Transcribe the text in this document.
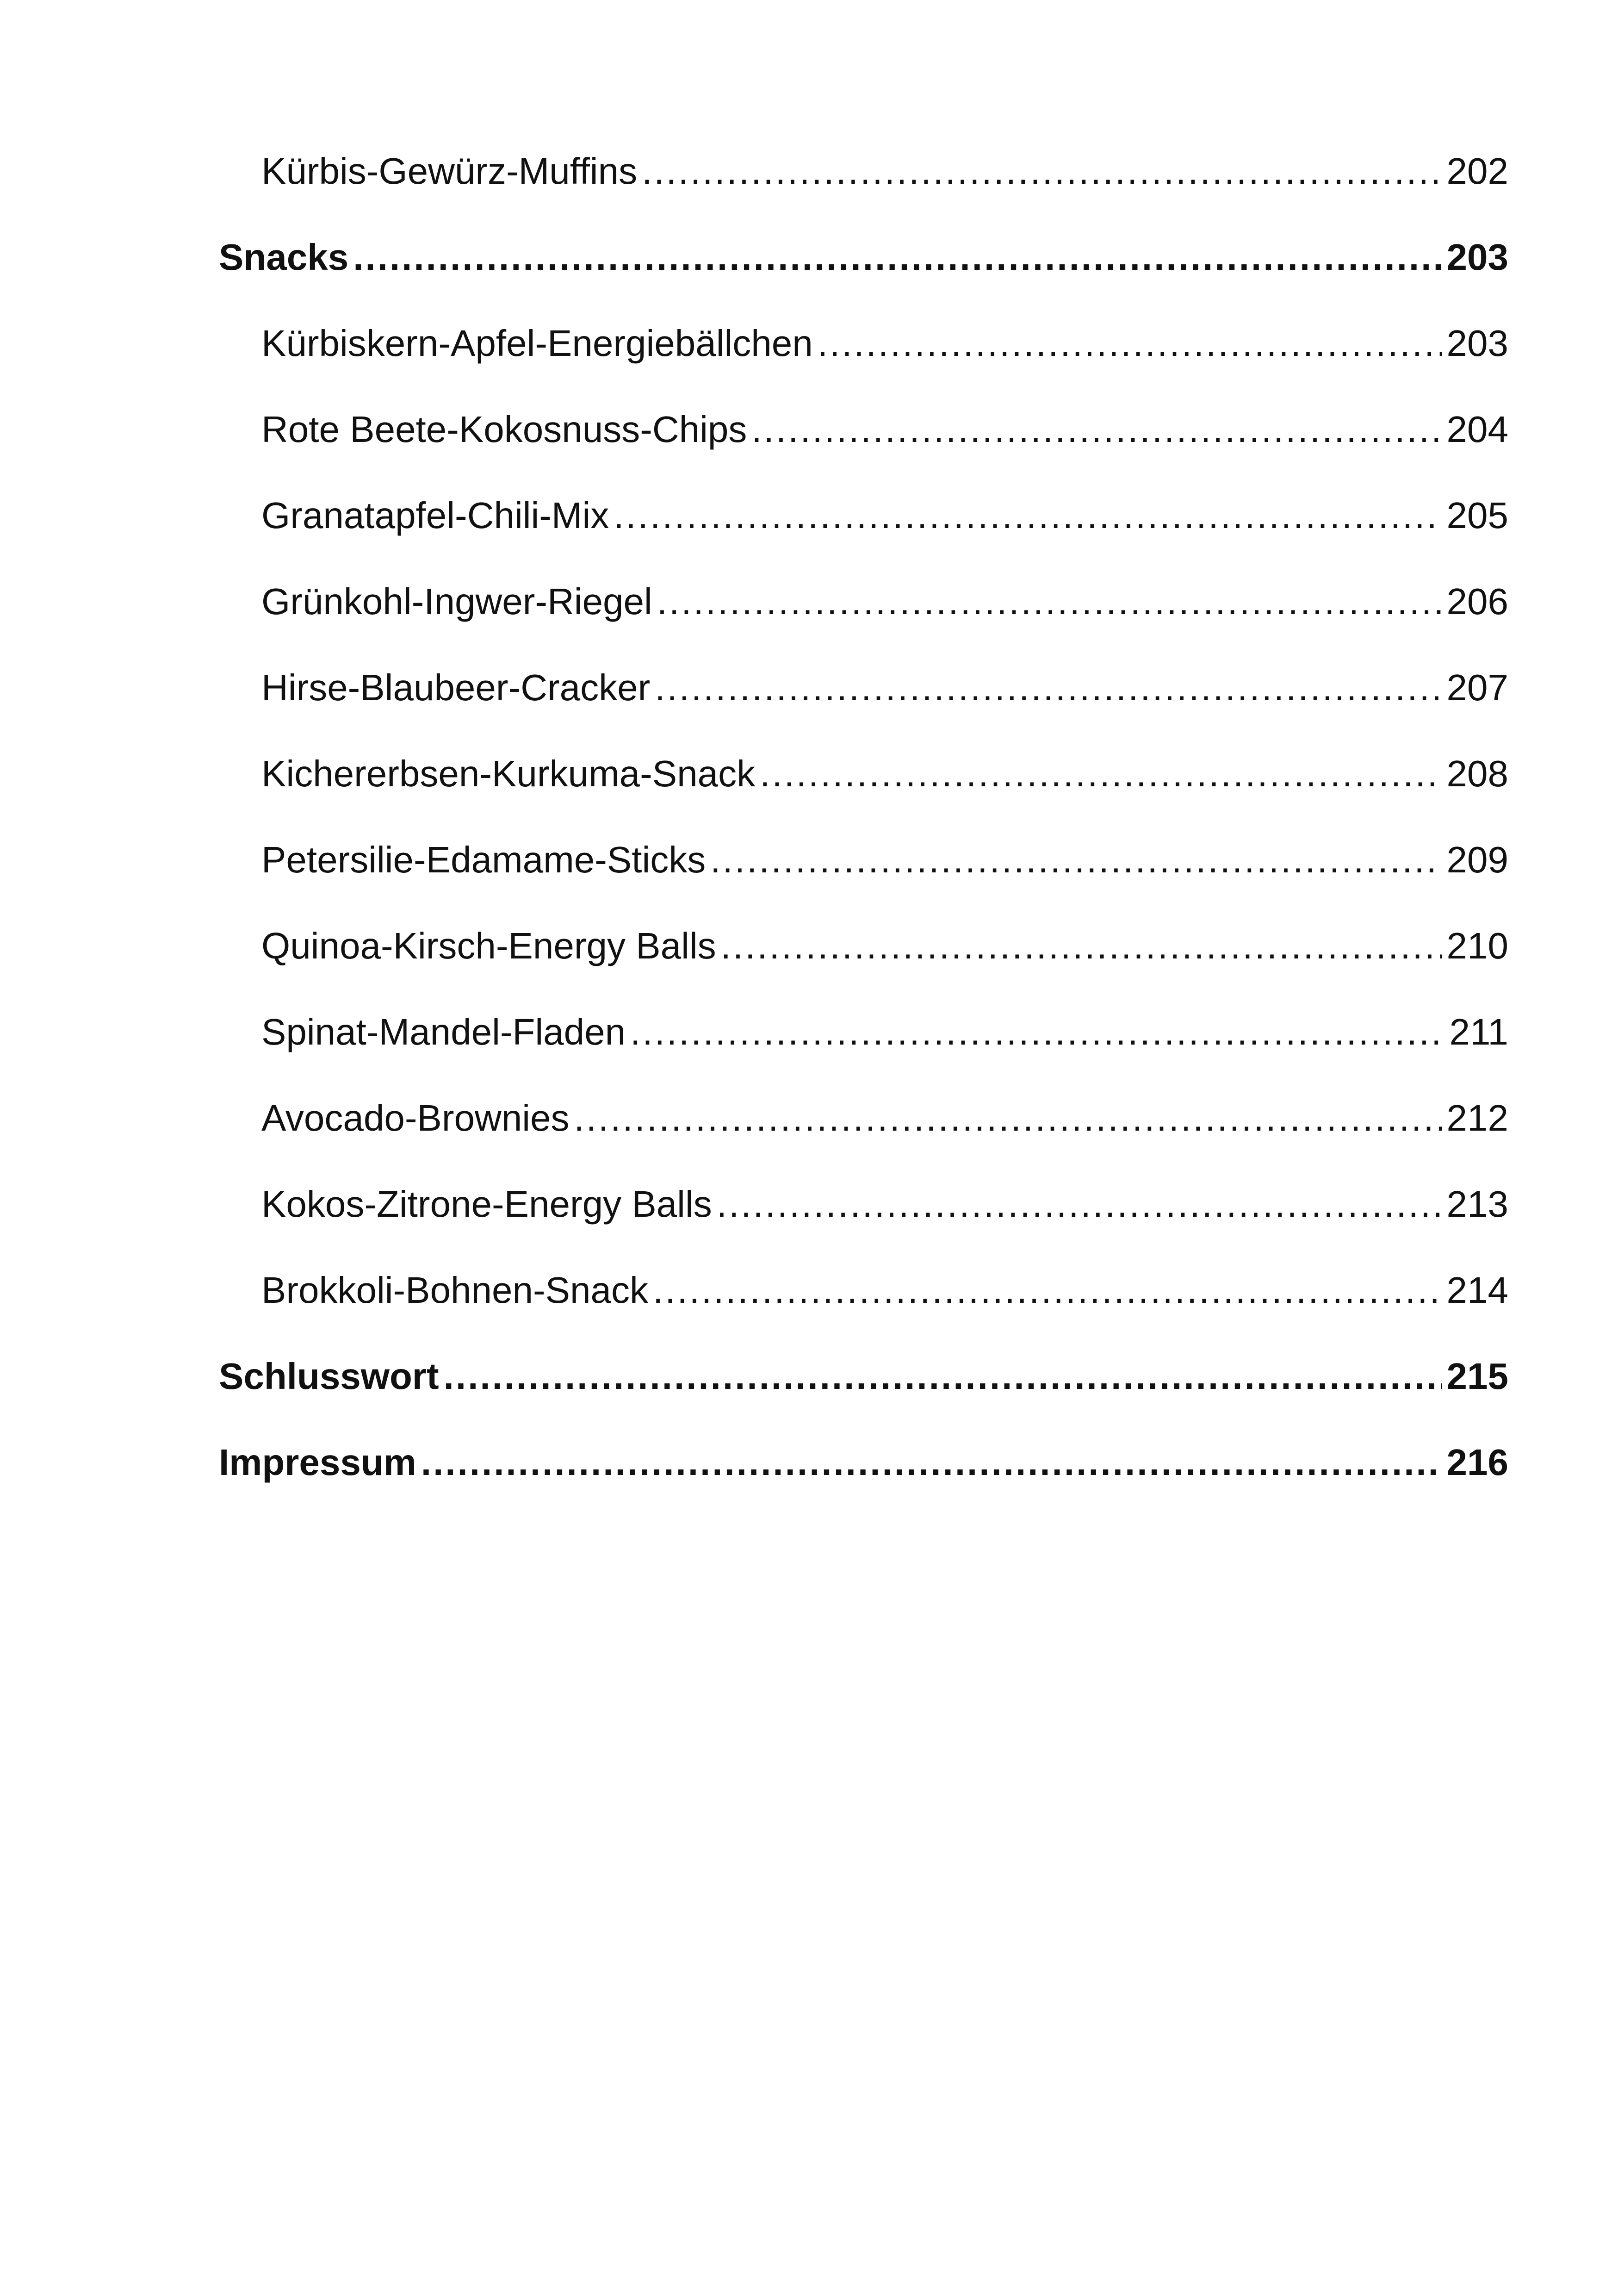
Kürbis-Gewürz-Muffins .....	202
Snacks .....	203
Kürbiskern-Apfel-Energiebällchen .....	203
Rote Beete-Kokosnuss-Chips .....	204
Granatapfel-Chili-Mix .....	205
Grünkohl-Ingwer-Riegel .....	206
Hirse-Blaubeer-Cracker .....	207
Kichererbsen-Kurkuma-Snack .....	208
Petersilie-Edamame-Sticks .....	209
Quinoa-Kirsch-Energy Balls .....	210
Spinat-Mandel-Fladen .....	211
Avocado-Brownies .....	212
Kokos-Zitrone-Energy Balls .....	213
Brokkoli-Bohnen-Snack .....	214
Schlusswort .....	215
Impressum .....	216
